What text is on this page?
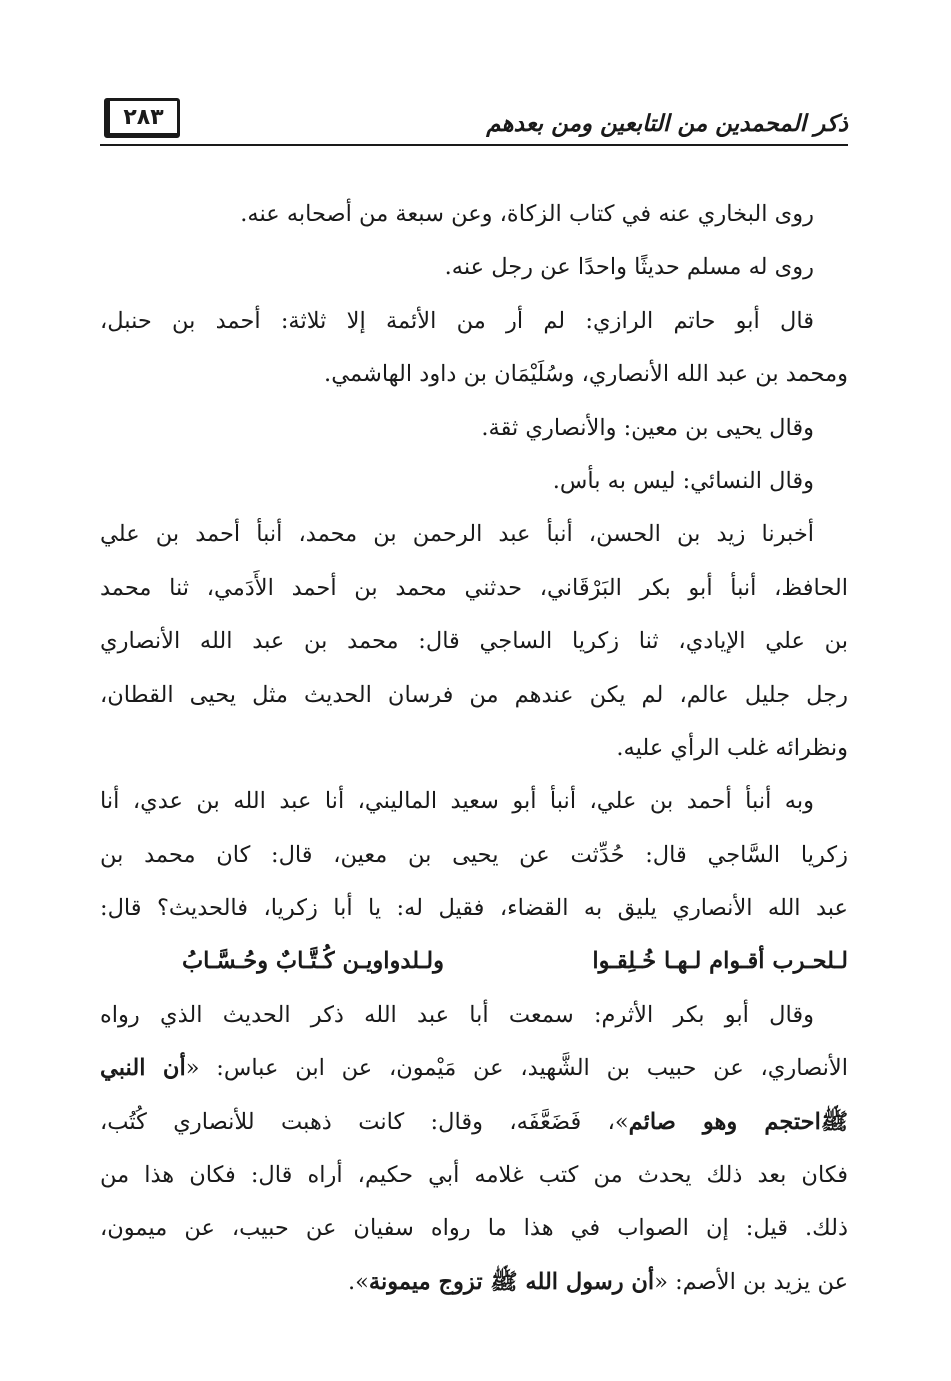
ذكر المحمدين من التابعين ومن بعدهم
٢٨٣
روى البخاري عنه في كتاب الزكاة، وعن سبعة من أصحابه عنه.
روى له مسلم حديثًا واحدًا عن رجل عنه.
قال أبو حاتم الرازي: لم أر من الأئمة إلا ثلاثة: أحمد بن حنبل،
ومحمد بن عبد الله الأنصاري، وسُلَيْمَان بن داود الهاشمي.
وقال يحيى بن معين: والأنصاري ثقة.
وقال النسائي: ليس به بأس.
أخبرنا زيد بن الحسن، أنبأ عبد الرحمن بن محمد، أنبأ أحمد بن علي
الحافظ، أنبأ أبو بكر البَرْقَاني، حدثني محمد بن أحمد الأَدَمي، ثنا محمد
بن علي الإيادي، ثنا زكريا الساجي قال: محمد بن عبد الله الأنصاري
رجل جليل عالم، لم يكن عندهم من فرسان الحديث مثل يحيى القطان،
ونظرائه غلب الرأي عليه.
وبه أنبأ أحمد بن علي، أنبأ أبو سعيد الماليني، أنا عبد الله بن عدي، أنا
زكريا السَّاجي قال: حُدِّثت عن يحيى بن معين، قال: كان محمد بن
عبد الله الأنصاري يليق به القضاء، فقيل له: يا أبا زكريا، فالحديث؟ قال:
لـلحـرب أقـوام لـهـا خُـلِقـوا
ولـلدواويـن كُـتَّـابٌ وحُـسَّـابُ
وقال أبو بكر الأثرم: سمعت أبا عبد الله ذكر الحديث الذي رواه
الأنصاري، عن حبيب بن الشَّهيد، عن مَيْمون، عن ابن عباس: «أن النبي
ﷺاحتجم وهو صائم»، فَضَعَّفَه، وقال: كانت ذهبت للأنصاري كُتُب،
فكان بعد ذلك يحدث من كتب غلامه أبي حكيم، أراه قال: فكان هذا من
ذلك. قيل: إن الصواب في هذا ما رواه سفيان عن حبيب، عن ميمون،
عن يزيد بن الأصم: «أن رسول الله ﷺ تزوج ميمونة».
